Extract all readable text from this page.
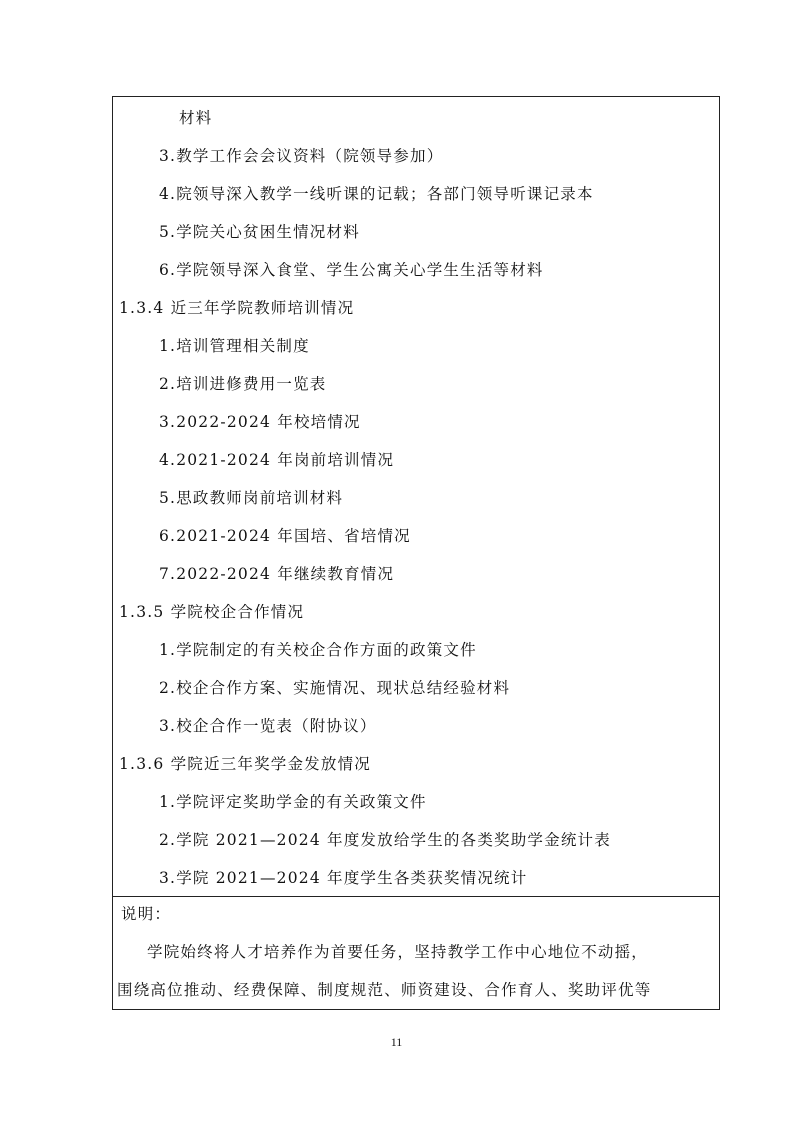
材料
3.教学工作会会议资料（院领导参加）
4.院领导深入教学一线听课的记载；各部门领导听课记录本
5.学院关心贫困生情况材料
6.学院领导深入食堂、学生公寓关心学生生活等材料
1.3.4 近三年学院教师培训情况
1.培训管理相关制度
2.培训进修费用一览表
3.2022-2024 年校培情况
4.2021-2024 年岗前培训情况
5.思政教师岗前培训材料
6.2021-2024 年国培、省培情况
7.2022-2024 年继续教育情况
1.3.5 学院校企合作情况
1.学院制定的有关校企合作方面的政策文件
2.校企合作方案、实施情况、现状总结经验材料
3.校企合作一览表（附协议）
1.3.6 学院近三年奖学金发放情况
1.学院评定奖助学金的有关政策文件
2.学院 2021—2024 年度发放给学生的各类奖助学金统计表
3.学院 2021—2024 年度学生各类获奖情况统计
说明：
学院始终将人才培养作为首要任务，坚持教学工作中心地位不动摇，
围绕高位推动、经费保障、制度规范、师资建设、合作育人、奖助评优等
11
